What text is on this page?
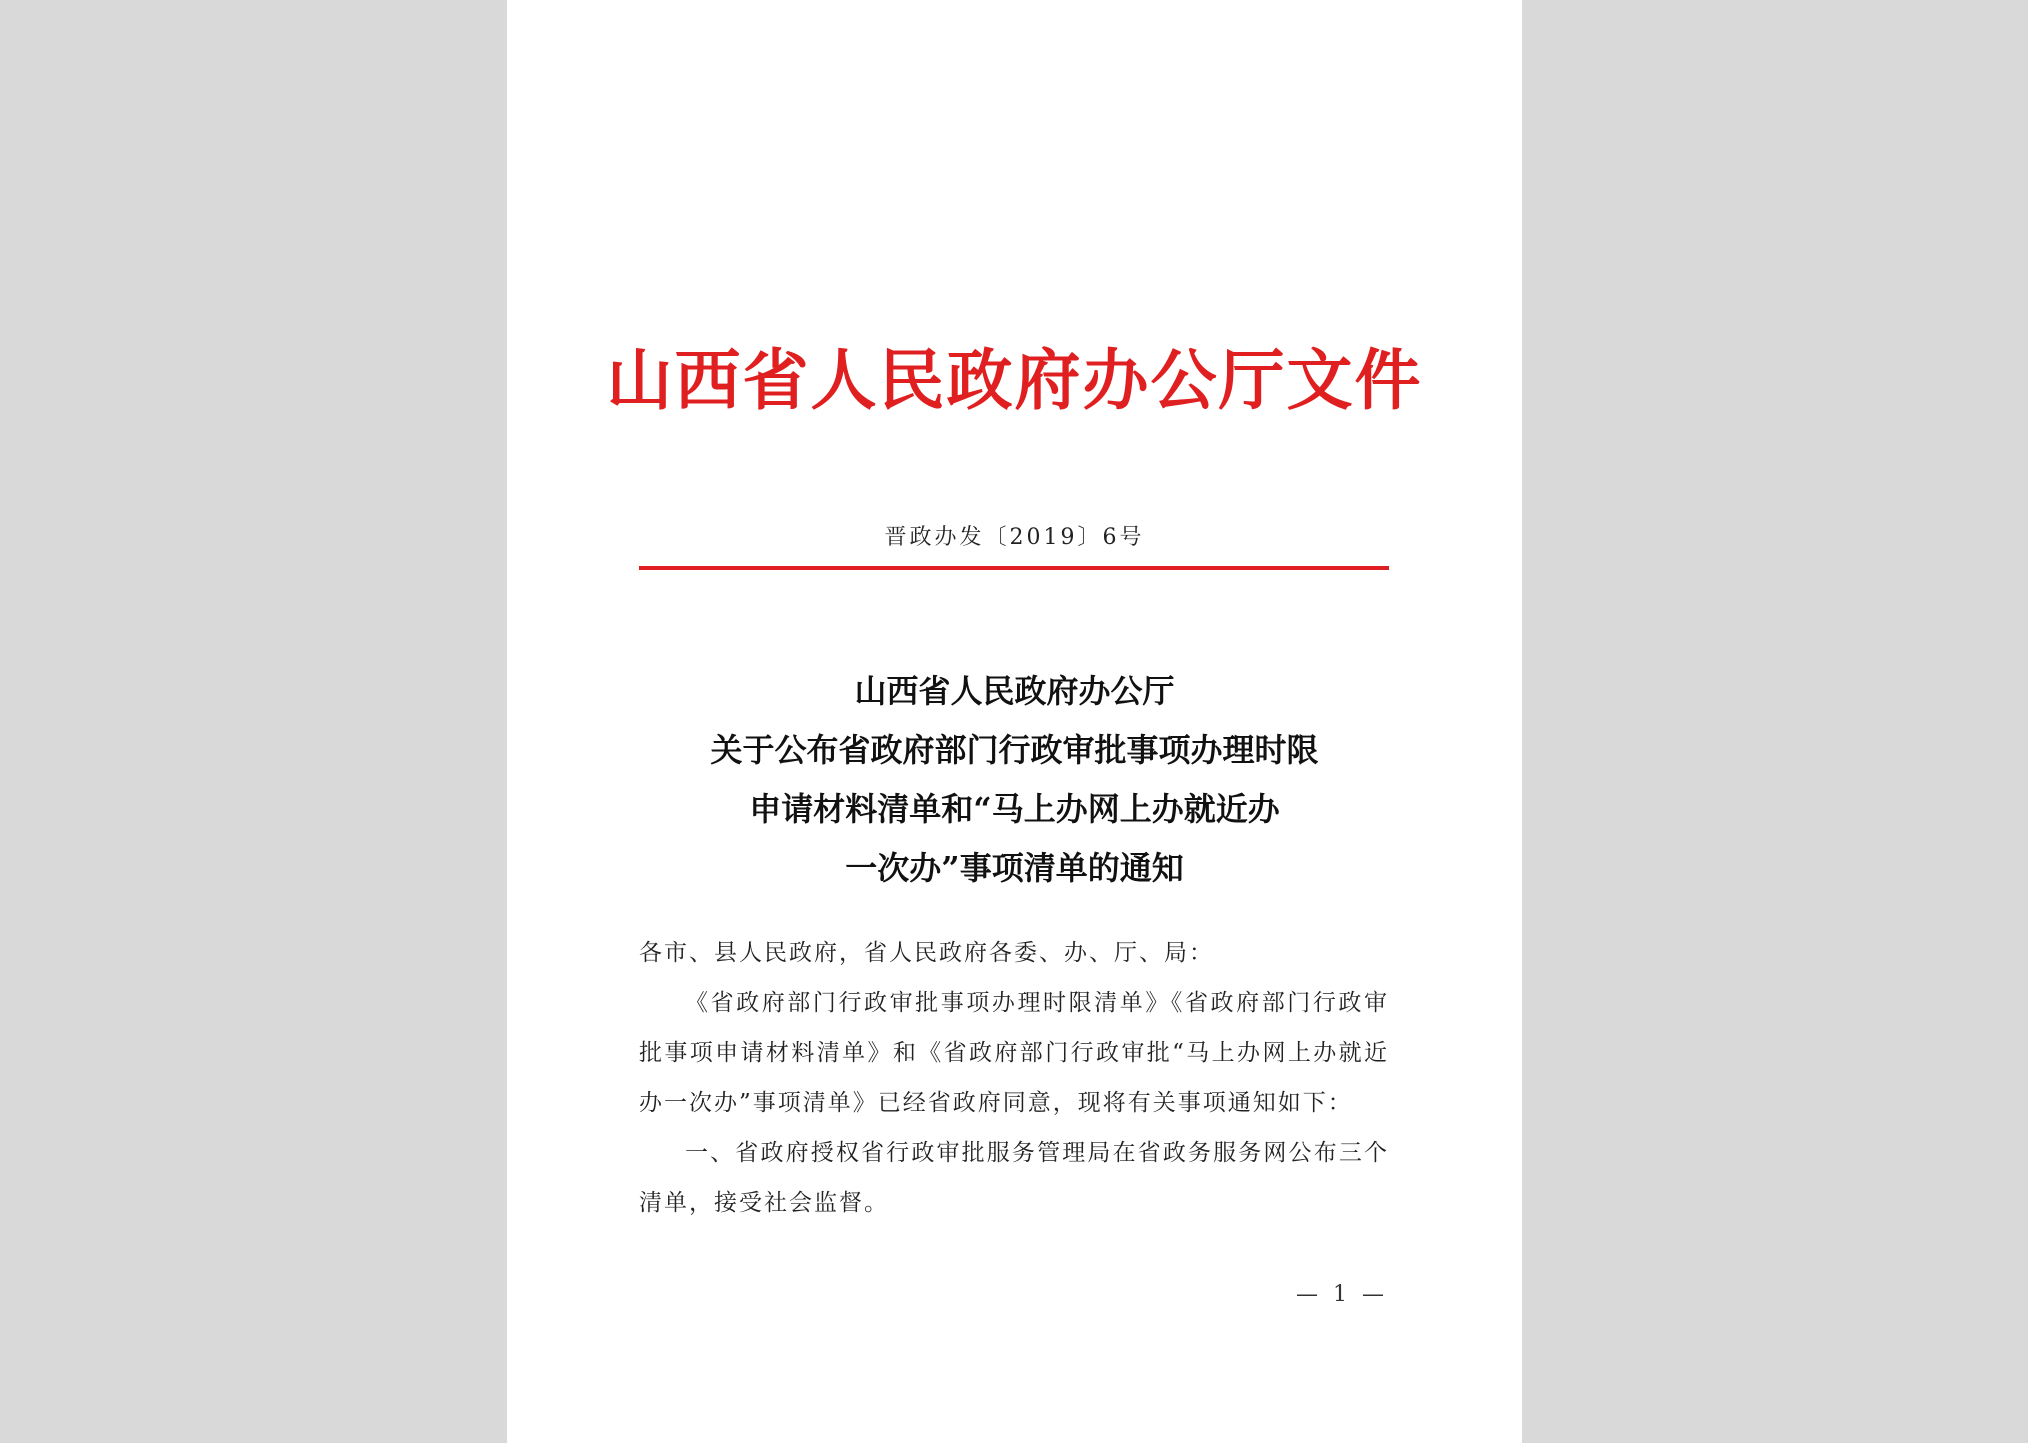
山西省人民政府办公厅文件
晋政办发〔2019〕6号
山西省人民政府办公厅
关于公布省政府部门行政审批事项办理时限
申请材料清单和“马上办网上办就近办
一次办”事项清单的通知

各市、县人民政府，省人民政府各委、办、厅、局：

《省政府部门行政审批事项办理时限清单》《省政府部门行政审批事项申请材料清单》和《省政府部门行政审批“马上办网上办就近办一次办”事项清单》已经省政府同意，现将有关事项通知如下：

一、省政府授权省行政审批服务管理局在省政务服务网公布三个清单，接受社会监督。

— 1 —
